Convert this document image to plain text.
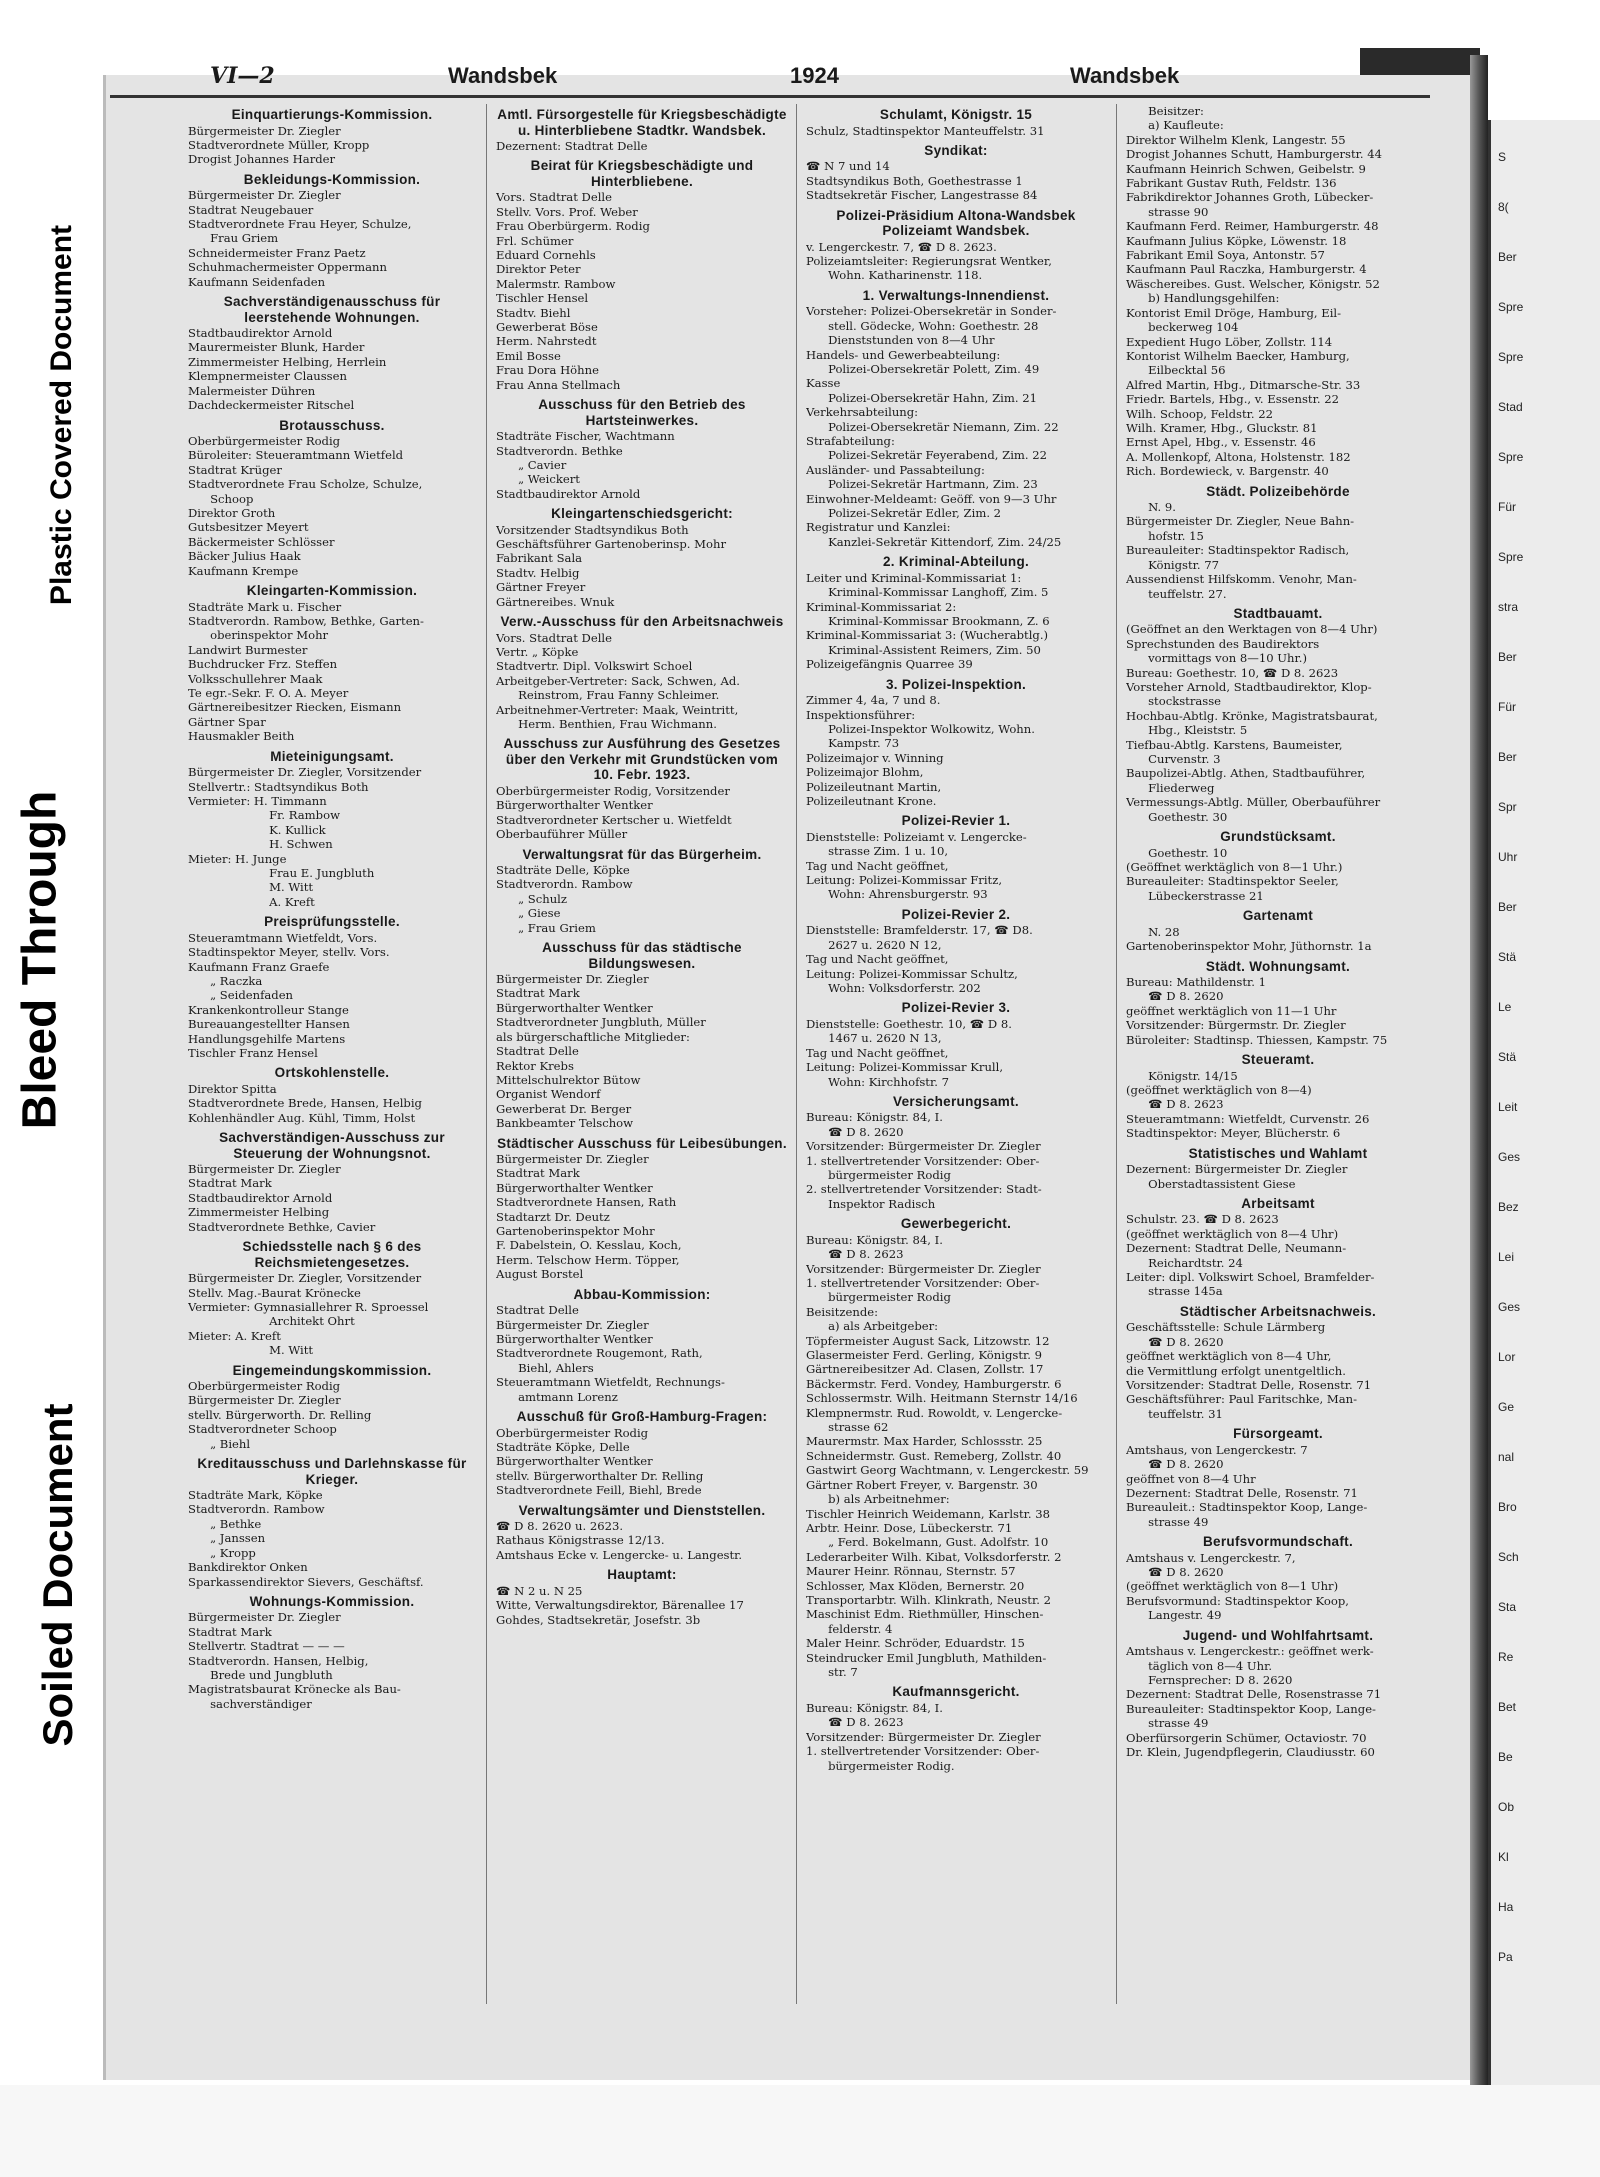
Soiled Document
Bleed Through
Plastic Covered Document
S
8(
Ber
Spre
Spre
Stad
Spre
Für
Spre
stra
Ber
Für
Ber
Spr
Uhr
Ber
Stä
Le
Stä
Leit
Ges
Bez
Lei
Ges
Lor
Ge
nal
Bro
Sch
Sta
Re
Bet
Be
Ob
Kl
Ha
Pa
VI—2	Wandsbek	1924	Wandsbek
Einquartierungs-Kommission.
Bürgermeister Dr. Ziegler
Stadtverordnete Müller, Kropp
Drogist Johannes Harder
Bekleidungs-Kommission.
Bürgermeister Dr. Ziegler
Stadtrat Neugebauer
Stadtverordnete Frau Heyer, Schulze,
Frau Griem
Schneidermeister Franz Paetz
Schuhmachermeister Oppermann
Kaufmann Seidenfaden
Sachverständigenausschuss für leerstehende Wohnungen.
Stadtbaudirektor Arnold
Maurermeister Blunk, Harder
Zimmermeister Helbing, Herrlein
Klempnermeister Claussen
Malermeister Dühren
Dachdeckermeister Ritschel
Brotausschuss.
Oberbürgermeister Rodig
Büroleiter: Steueramtmann Wietfeld
Stadtrat Krüger
Stadtverordnete Frau Scholze, Schulze,
Schoop
Direktor Groth
Gutsbesitzer Meyert
Bäckermeister Schlösser
Bäcker Julius Haak
Kaufmann Krempe
Kleingarten-Kommission.
Stadträte Mark u. Fischer
Stadtverordn. Rambow, Bethke, Garten-
oberinspektor Mohr
Landwirt Burmester
Buchdrucker Frz. Steffen
Volksschullehrer Maak
Te egr.-Sekr. F. O. A. Meyer
Gärtnereibesitzer Riecken, Eismann
Gärtner Spar
Hausmakler Beith
Mieteinigungsamt.
Bürgermeister Dr. Ziegler, Vorsitzender
Stellvertr.: Stadtsyndikus Both
Vermieter: H. Timmann
Fr. Rambow
K. Kullick
H. Schwen
Mieter: H. Junge
Frau E. Jungbluth
M. Witt
A. Kreft
Preisprüfungsstelle.
Steueramtmann Wietfeldt, Vors.
Stadtinspektor Meyer, stellv. Vors.
Kaufmann Franz Graefe
„ Raczka
„ Seidenfaden
Krankenkontrolleur Stange
Bureauangestellter Hansen
Handlungsgehilfe Martens
Tischler Franz Hensel
Ortskohlenstelle.
Direktor Spitta
Stadtverordnete Brede, Hansen, Helbig
Kohlenhändler Aug. Kühl, Timm, Holst
Sachverständigen-Ausschuss zur Steuerung der Wohnungsnot.
Bürgermeister Dr. Ziegler
Stadtrat Mark
Stadtbaudirektor Arnold
Zimmermeister Helbing
Stadtverordnete Bethke, Cavier
Schiedsstelle nach § 6 des Reichsmietengesetzes.
Bürgermeister Dr. Ziegler, Vorsitzender
Stellv. Mag.-Baurat Krönecke
Vermieter: Gymnasiallehrer R. Sproessel
Architekt Ohrt
Mieter: A. Kreft
M. Witt
Eingemeindungskommission.
Oberbürgermeister Rodig
Bürgermeister Dr. Ziegler
stellv. Bürgerworth. Dr. Relling
Stadtverordneter Schoop
„ Biehl
Kreditausschuss und Darlehnskasse für Krieger.
Stadträte Mark, Köpke
Stadtverordn. Rambow
„ Bethke
„ Janssen
„ Kropp
Bankdirektor Onken
Sparkassendirektor Sievers, Geschäftsf.
Wohnungs-Kommission.
Bürgermeister Dr. Ziegler
Stadtrat Mark
Stellvertr. Stadtrat — — —
Stadtverordn. Hansen, Helbig,
Brede und Jungbluth
Magistratsbaurat Krönecke als Bau-
sachverständiger
Amtl. Fürsorgestelle für Kriegsbeschädigte u. Hinterbliebene Stadtkr. Wandsbek.
Dezernent: Stadtrat Delle
Beirat für Kriegsbeschädigte und Hinterbliebene.
Vors. Stadtrat Delle
Stellv. Vors. Prof. Weber
Frau Oberbürgerm. Rodig
Frl. Schümer
Eduard Cornehls
Direktor Peter
Malermstr. Rambow
Tischler Hensel
Stadtv. Biehl
Gewerberat Böse
Herm. Nahrstedt
Emil Bosse
Frau Dora Höhne
Frau Anna Stellmach
Ausschuss für den Betrieb des Hartsteinwerkes.
Stadträte Fischer, Wachtmann
Stadtverordn. Bethke
„ Cavier
„ Weickert
Stadtbaudirektor Arnold
Kleingartenschiedsgericht:
Vorsitzender Stadtsyndikus Both
Geschäftsführer Gartenoberinsp. Mohr
Fabrikant Sala
Stadtv. Helbig
Gärtner Freyer
Gärtnereibes. Wnuk
Verw.-Ausschuss für den Arbeitsnachweis
Vors. Stadtrat Delle
Vertr. „ Köpke
Stadtvertr. Dipl. Volkswirt Schoel
Arbeitgeber-Vertreter: Sack, Schwen, Ad.
Reinstrom, Frau Fanny Schleimer.
Arbeitnehmer-Vertreter: Maak, Weintritt,
Herm. Benthien, Frau Wichmann.
Ausschuss zur Ausführung des Gesetzes über den Verkehr mit Grundstücken vom 10. Febr. 1923.
Oberbürgermeister Rodig, Vorsitzender
Bürgerworthalter Wentker
Stadtverordneter Kertscher u. Wietfeldt
Oberbauführer Müller
Verwaltungsrat für das Bürgerheim.
Stadträte Delle, Köpke
Stadtverordn. Rambow
„ Schulz
„ Giese
„ Frau Griem
Ausschuss für das städtische Bildungswesen.
Bürgermeister Dr. Ziegler
Stadtrat Mark
Bürgerworthalter Wentker
Stadtverordneter Jungbluth, Müller
als bürgerschaftliche Mitglieder:
Stadtrat Delle
Rektor Krebs
Mittelschulrektor Bütow
Organist Wendorf
Gewerberat Dr. Berger
Bankbeamter Telschow
Städtischer Ausschuss für Leibesübungen.
Bürgermeister Dr. Ziegler
Stadtrat Mark
Bürgerworthalter Wentker
Stadtverordnete Hansen, Rath
Stadtarzt Dr. Deutz
Gartenoberinspektor Mohr
F. Dabelstein, O. Kesslau, Koch,
Herm. Telschow Herm. Töpper,
August Borstel
Abbau-Kommission:
Stadtrat Delle
Bürgermeister Dr. Ziegler
Bürgerworthalter Wentker
Stadtverordnete Rougemont, Rath,
Biehl, Ahlers
Steueramtmann Wietfeldt, Rechnungs-
amtmann Lorenz
Ausschuß für Groß-Hamburg-Fragen:
Oberbürgermeister Rodig
Stadträte Köpke, Delle
Bürgerworthalter Wentker
stellv. Bürgerworthalter Dr. Relling
Stadtverordnete Feill, Biehl, Brede
Verwaltungsämter und Dienststellen.
☎ D 8. 2620 u. 2623.
Rathaus Königstrasse 12/13.
Amtshaus Ecke v. Lengercke- u. Langestr.
Hauptamt:
☎ N 2 u. N 25
Witte, Verwaltungsdirektor, Bärenallee 17
Gohdes, Stadtsekretär, Josefstr. 3b
Schulamt, Königstr. 15
Schulz, Stadtinspektor Manteuffelstr. 31
Syndikat:
☎ N 7 und 14
Stadtsyndikus Both, Goethestrasse 1
Stadtsekretär Fischer, Langestrasse 84
Polizei-Präsidium Altona-Wandsbek Polizeiamt Wandsbek.
v. Lengerckestr. 7, ☎ D 8. 2623.
Polizeiamtsleiter: Regierungsrat Wentker,
Wohn. Katharinenstr. 118.
1. Verwaltungs-Innendienst.
Vorsteher: Polizei-Obersekretär in Sonder-
stell. Gödecke, Wohn: Goethestr. 28
Dienststunden von 8—4 Uhr
Handels- und Gewerbeabteilung:
Polizei-Obersekretär Polett, Zim. 49
Kasse
Polizei-Obersekretär Hahn, Zim. 21
Verkehrsabteilung:
Polizei-Obersekretär Niemann, Zim. 22
Strafabteilung:
Polizei-Sekretär Feyerabend, Zim. 22
Ausländer- und Passabteilung:
Polizei-Sekretär Hartmann, Zim. 23
Einwohner-Meldeamt: Geöff. von 9—3 Uhr
Polizei-Sekretär Edler, Zim. 2
Registratur und Kanzlei:
Kanzlei-Sekretär Kittendorf, Zim. 24/25
2. Kriminal-Abteilung.
Leiter und Kriminal-Kommissariat 1:
Kriminal-Kommissar Langhoff, Zim. 5
Kriminal-Kommissariat 2:
Kriminal-Kommissar Brookmann, Z. 6
Kriminal-Kommissariat 3: (Wucherabtlg.)
Kriminal-Assistent Reimers, Zim. 50
Polizeigefängnis Quarree 39
3. Polizei-Inspektion.
Zimmer 4, 4a, 7 und 8.
Inspektionsführer:
Polizei-Inspektor Wolkowitz, Wohn.
Kampstr. 73
Polizeimajor v. Winning
Polizeimajor Blohm,
Polizeileutnant Martin,
Polizeileutnant Krone.
Polizei-Revier 1.
Dienststelle: Polizeiamt v. Lengercke-
strasse Zim. 1 u. 10,
Tag und Nacht geöffnet,
Leitung: Polizei-Kommissar Fritz,
Wohn: Ahrensburgerstr. 93
Polizei-Revier 2.
Dienststelle: Bramfelderstr. 17, ☎ D8.
2627 u. 2620 N 12,
Tag und Nacht geöffnet,
Leitung: Polizei-Kommissar Schultz,
Wohn: Volksdorferstr. 202
Polizei-Revier 3.
Dienststelle: Goethestr. 10, ☎ D 8.
1467 u. 2620 N 13,
Tag und Nacht geöffnet,
Leitung: Polizei-Kommissar Krull,
Wohn: Kirchhofstr. 7
Versicherungsamt.
Bureau: Königstr. 84, I.
☎ D 8. 2620
Vorsitzender: Bürgermeister Dr. Ziegler
1. stellvertretender Vorsitzender: Ober-
bürgermeister Rodig
2. stellvertretender Vorsitzender: Stadt-
Inspektor Radisch
Gewerbegericht.
Bureau: Königstr. 84, I.
☎ D 8. 2623
Vorsitzender: Bürgermeister Dr. Ziegler
1. stellvertretender Vorsitzender: Ober-
bürgermeister Rodig
Beisitzende:
a) als Arbeitgeber:
Töpfermeister August Sack, Litzowstr. 12
Glasermeister Ferd. Gerling, Königstr. 9
Gärtnereibesitzer Ad. Clasen, Zollstr. 17
Bäckermstr. Ferd. Vondey, Hamburgerstr. 6
Schlossermstr. Wilh. Heitmann Sternstr 14/16
Klempnermstr. Rud. Rowoldt, v. Lengercke-
strasse 62
Maurermstr. Max Harder, Schlossstr. 25
Schneidermstr. Gust. Remeberg, Zollstr. 40
Gastwirt Georg Wachtmann, v. Lengerckestr. 59
Gärtner Robert Freyer, v. Bargenstr. 30
b) als Arbeitnehmer:
Tischler Heinrich Weidemann, Karlstr. 38
Arbtr. Heinr. Dose, Lübeckerstr. 71
„ Ferd. Bokelmann, Gust. Adolfstr. 10
Lederarbeiter Wilh. Kibat, Volksdorferstr. 2
Maurer Heinr. Rönnau, Sternstr. 57
Schlosser, Max Klöden, Bernerstr. 20
Transportarbtr. Wilh. Klinkrath, Neustr. 2
Maschinist Edm. Riethmüller, Hinschen-
felderstr. 4
Maler Heinr. Schröder, Eduardstr. 15
Steindrucker Emil Jungbluth, Mathilden-
str. 7
Kaufmannsgericht.
Bureau: Königstr. 84, I.
☎ D 8. 2623
Vorsitzender: Bürgermeister Dr. Ziegler
1. stellvertretender Vorsitzender: Ober-
bürgermeister Rodig.
Beisitzer:
a) Kaufleute:
Direktor Wilhelm Klenk, Langestr. 55
Drogist Johannes Schutt, Hamburgerstr. 44
Kaufmann Heinrich Schwen, Geibelstr. 9
Fabrikant Gustav Ruth, Feldstr. 136
Fabrikdirektor Johannes Groth, Lübecker-
strasse 90
Kaufmann Ferd. Reimer, Hamburgerstr. 48
Kaufmann Julius Köpke, Löwenstr. 18
Fabrikant Emil Soya, Antonstr. 57
Kaufmann Paul Raczka, Hamburgerstr. 4
Wäschereibes. Gust. Welscher, Königstr. 52
b) Handlungsgehilfen:
Kontorist Emil Dröge, Hamburg, Eil-
beckerweg 104
Expedient Hugo Löber, Zollstr. 114
Kontorist Wilhelm Baecker, Hamburg,
Eilbecktal 56
Alfred Martin, Hbg., Ditmarsche-Str. 33
Friedr. Bartels, Hbg., v. Essenstr. 22
Wilh. Schoop, Feldstr. 22
Wilh. Kramer, Hbg., Gluckstr. 81
Ernst Apel, Hbg., v. Essenstr. 46
A. Mollenkopf, Altona, Holstenstr. 182
Rich. Bordewieck, v. Bargenstr. 40
Städt. Polizeibehörde
N. 9.
Bürgermeister Dr. Ziegler, Neue Bahn-
hofstr. 15
Bureauleiter: Stadtinspektor Radisch,
Königstr. 77
Aussendienst Hilfskomm. Venohr, Man-
teuffelstr. 27.
Stadtbauamt.
(Geöffnet an den Werktagen von 8—4 Uhr)
Sprechstunden des Baudirektors
vormittags von 8—10 Uhr.)
Bureau: Goethestr. 10, ☎ D 8. 2623
Vorsteher Arnold, Stadtbaudirektor, Klop-
stockstrasse
Hochbau-Abtlg. Krönke, Magistratsbaurat,
Hbg., Kleiststr. 5
Tiefbau-Abtlg. Karstens, Baumeister,
Curvenstr. 3
Baupolizei-Abtlg. Athen, Stadtbauführer,
Fliederweg
Vermessungs-Abtlg. Müller, Oberbauführer
Goethestr. 30
Grundstücksamt.
Goethestr. 10
(Geöffnet werktäglich von 8—1 Uhr.)
Bureauleiter: Stadtinspektor Seeler,
Lübeckerstrasse 21
Gartenamt
N. 28
Gartenoberinspektor Mohr, Jüthornstr. 1a
Städt. Wohnungsamt.
Bureau: Mathildenstr. 1
☎ D 8. 2620
geöffnet werktäglich von 11—1 Uhr
Vorsitzender: Bürgermstr. Dr. Ziegler
Büroleiter: Stadtinsp. Thiessen, Kampstr. 75
Steueramt.
Königstr. 14/15
(geöffnet werktäglich von 8—4)
☎ D 8. 2623
Steueramtmann: Wietfeldt, Curvenstr. 26
Stadtinspektor: Meyer, Blücherstr. 6
Statistisches und Wahlamt
Dezernent: Bürgermeister Dr. Ziegler
Oberstadtassistent Giese
Arbeitsamt
Schulstr. 23. ☎ D 8. 2623
(geöffnet werktäglich von 8—4 Uhr)
Dezernent: Stadtrat Delle, Neumann-
Reichardtstr. 24
Leiter: dipl. Volkswirt Schoel, Bramfelder-
strasse 145a
Städtischer Arbeitsnachweis.
Geschäftsstelle: Schule Lärmberg
☎ D 8. 2620
geöffnet werktäglich von 8—4 Uhr,
die Vermittlung erfolgt unentgeltlich.
Vorsitzender: Stadtrat Delle, Rosenstr. 71
Geschäftsführer: Paul Faritschke, Man-
teuffelstr. 31
Fürsorgeamt.
Amtshaus, von Lengerckestr. 7
☎ D 8. 2620
geöffnet von 8—4 Uhr
Dezernent: Stadtrat Delle, Rosenstr. 71
Bureauleit.: Stadtinspektor Koop, Lange-
strasse 49
Berufsvormundschaft.
Amtshaus v. Lengerckestr. 7,
☎ D 8. 2620
(geöffnet werktäglich von 8—1 Uhr)
Berufsvormund: Stadtinspektor Koop,
Langestr. 49
Jugend- und Wohlfahrtsamt.
Amtshaus v. Lengerckestr.: geöffnet werk-
täglich von 8—4 Uhr.
Fernsprecher: D 8. 2620
Dezernent: Stadtrat Delle, Rosenstrasse 71
Bureauleiter: Stadtinspektor Koop, Lange-
strasse 49
Oberfürsorgerin Schümer, Octaviostr. 70
Dr. Klein, Jugendpflegerin, Claudiusstr. 60
